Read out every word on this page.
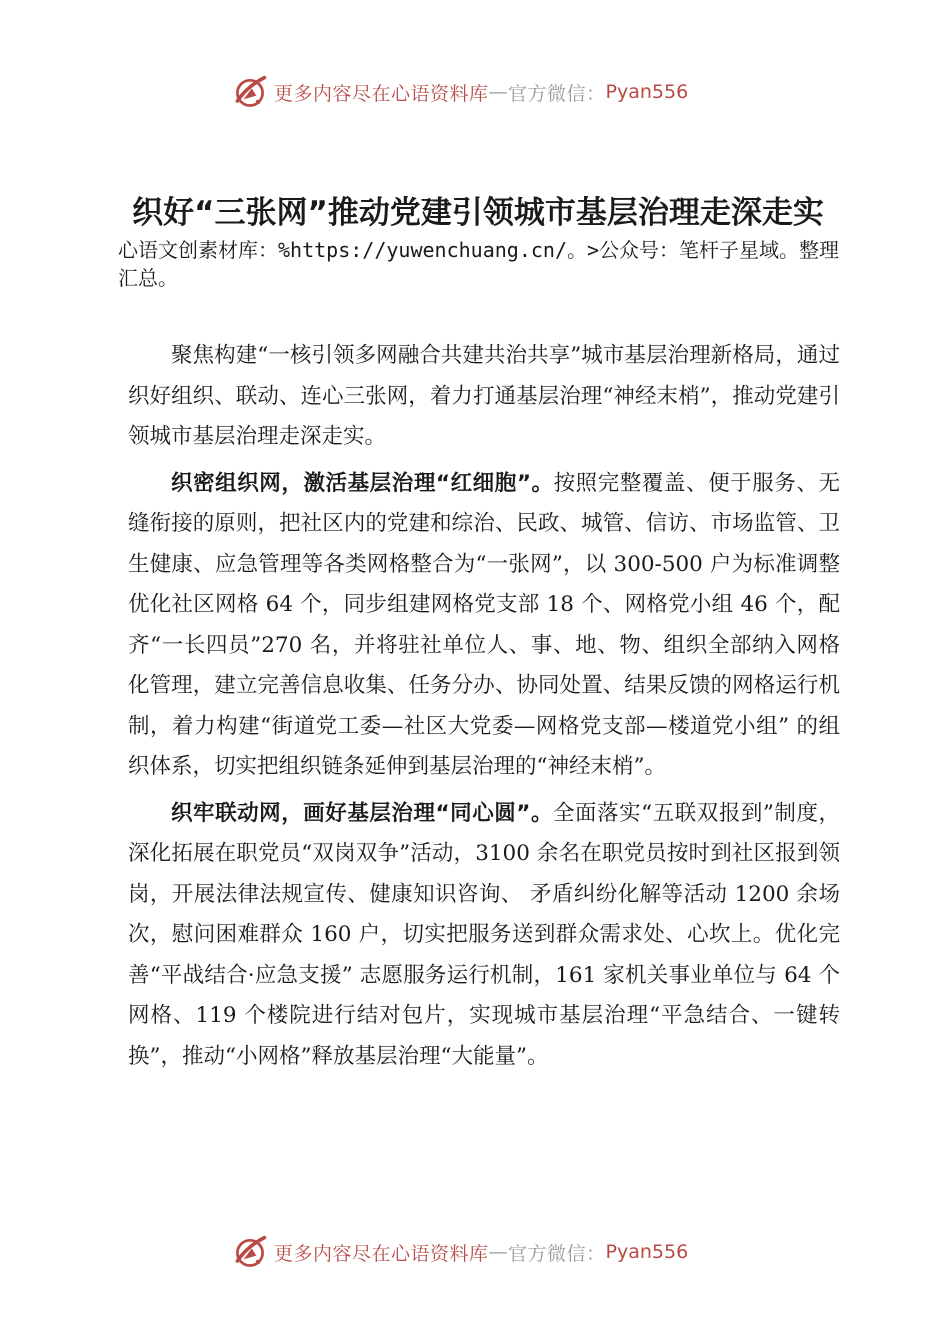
更多内容尽在心语资料库 — 官方微信： Pyan556
织好“三张网”推动党建引领城市基层治理走深走实

心语文创素材库：%https://yuwenchuang.cn/。>公众号：笔杆子星域。整理汇总。

聚焦构建“一核引领多网融合共建共治共享”城市基层治理新格局，通过织好组织、联动、连心三张网，着力打通基层治理“神经末梢”，推动党建引领城市基层治理走深走实。

织密组织网，激活基层治理“红细胞”。按照完整覆盖、便于服务、无缝衔接的原则，把社区内的党建和综治、民政、城管、信访、市场监管、卫生健康、应急管理等各类网格整合为“一张网”，以 300-500 户为标准调整优化社区网格 64 个，同步组建网格党支部 18 个、网格党小组 46 个，配齐“一长四员”270 名，并将驻社单位人、事、地、物、组织全部纳入网格化管理，建立完善信息收集、任务分办、协同处置、结果反馈的网格运行机制，着力构建“街道党工委—社区大党委—网格党支部—楼道党小组” 的组织体系，切实把组织链条延伸到基层治理的“神经末梢”。

织牢联动网，画好基层治理“同心圆”。全面落实“五联双报到”制度，深化拓展在职党员“双岗双争”活动，3100 余名在职党员按时到社区报到领岗，开展法律法规宣传、健康知识咨询、 矛盾纠纷化解等活动 1200 余场次，慰问困难群众 160 户，切实把服务送到群众需求处、心坎上。优化完善“平战结合·应急支援” 志愿服务运行机制，161 家机关事业单位与 64 个网格、119 个楼院进行结对包片，实现城市基层治理“平急结合、一键转换”，推动“小网格”释放基层治理“大能量”。

更多内容尽在心语资料库 — 官方微信： Pyan556
